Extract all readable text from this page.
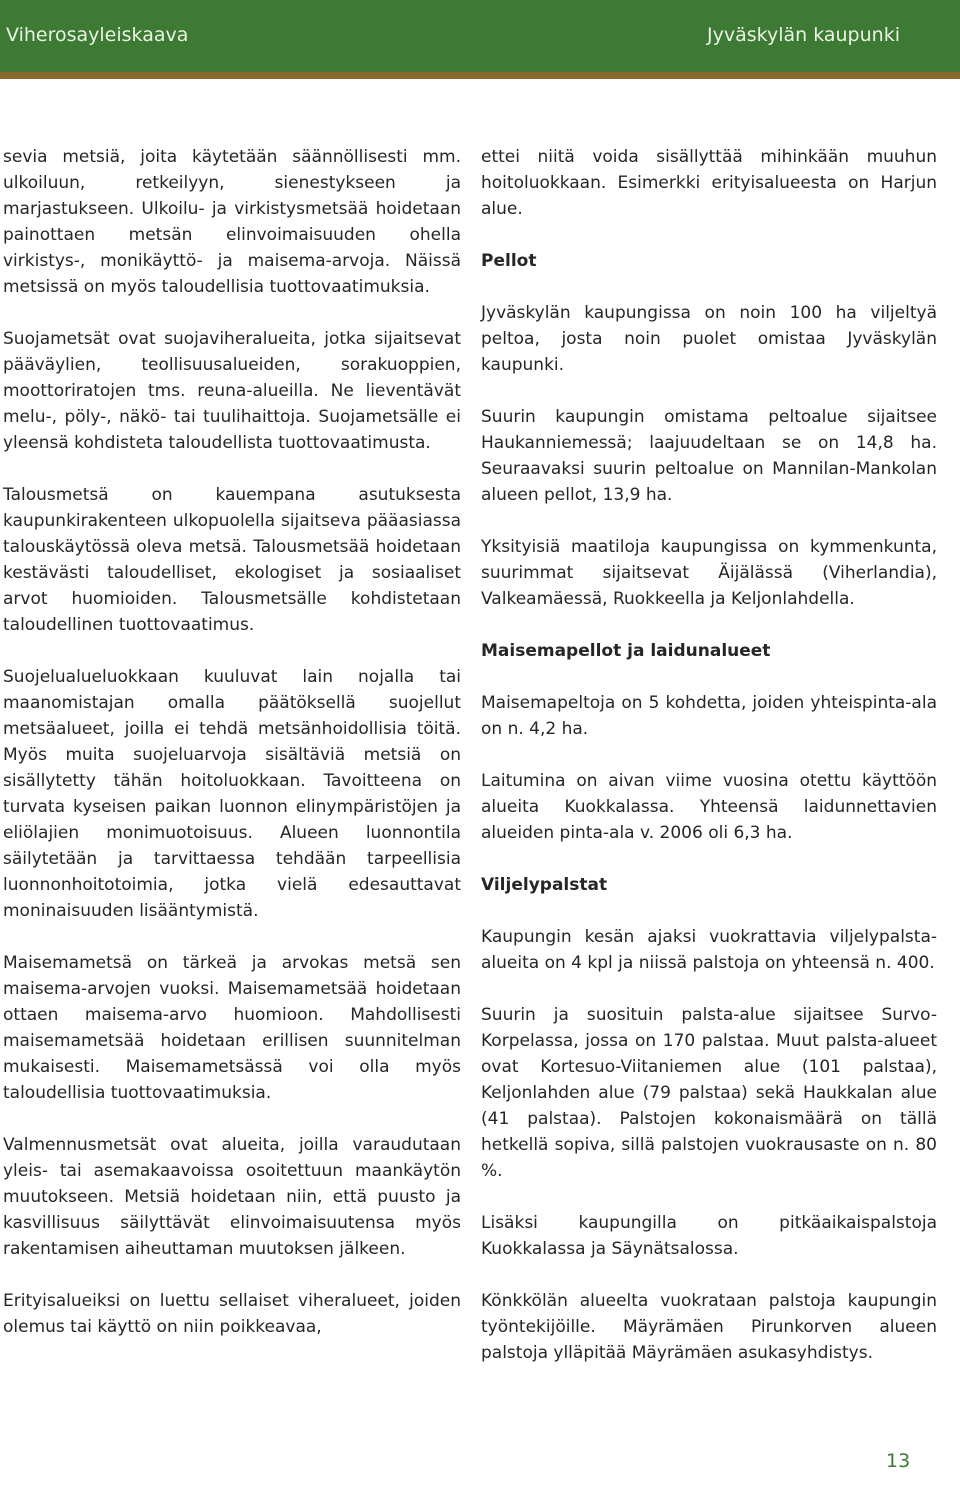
Viherosayleiskaava	Jyväskylän kaupunki

sevia metsiä, joita käytetään säännöllisesti mm. ulkoiluun, retkeilyyn, sienestykseen ja marjastukseen. Ulkoilu- ja virkistysmetsää hoidetaan painottaen metsän elinvoimaisuuden ohella virkistys-, monikäyttö- ja maisema-arvoja. Näissä metsissä on myös taloudellisia tuottovaatimuksia.

Suojametsät ovat suojaviheralueita, jotka sijaitsevat pääväylien, teollisuusalueiden, sorakuoppien, moottoriratojen tms. reuna-alueilla. Ne lieventävät melu-, pöly-, näkö- tai tuulihaittoja. Suojametsälle ei yleensä kohdisteta taloudellista tuottovaatimusta.

Talousmetsä on kauempana asutuksesta kaupunkirakenteen ulkopuolella sijaitseva pääasiassa talouskäytössä oleva metsä. Talousmetsää hoidetaan kestävästi taloudelliset, ekologiset ja sosiaaliset arvot huomioiden. Talousmetsälle kohdistetaan taloudellinen tuottovaatimus.

Suojelualueluokkaan kuuluvat lain nojalla tai maanomistajan omalla päätöksellä suojellut metsäalueet, joilla ei tehdä metsänhoidollisia töitä. Myös muita suojeluarvoja sisältäviä metsiä on sisällytetty tähän hoitoluokkaan. Tavoitteena on turvata kyseisen paikan luonnon elinympäristöjen ja eliölajien monimuotoisuus. Alueen luonnontila säilytetään ja tarvittaessa tehdään tarpeellisia luonnonhoitotoimia, jotka vielä edesauttavat moninaisuuden lisääntymistä.

Maisemametsä on tärkeä ja arvokas metsä sen maisema-arvojen vuoksi. Maisemametsää hoidetaan ottaen maisema-arvo huomioon. Mahdollisesti maisemametsää hoidetaan erillisen suunnitelman mukaisesti. Maisemametsässä voi olla myös taloudellisia tuottovaatimuksia.

Valmennusmetsät ovat alueita, joilla varaudutaan yleis- tai asemakaavoissa osoitettuun maankäytön muutokseen. Metsiä hoidetaan niin, että puusto ja kasvillisuus säilyttävät elinvoimaisuutensa myös rakentamisen aiheuttaman muutoksen jälkeen.

Erityisalueiksi on luettu sellaiset viheralueet, joiden olemus tai käyttö on niin poikkeavaa,

ettei niitä voida sisällyttää mihinkään muuhun hoitoluokkaan. Esimerkki erityisalueesta on Harjun alue.

Pellot

Jyväskylän kaupungissa on noin 100 ha viljeltyä peltoa, josta noin puolet omistaa Jyväskylän kaupunki.

Suurin kaupungin omistama peltoalue sijaitsee Haukanniemessä; laajuudeltaan se on 14,8 ha. Seuraavaksi suurin peltoalue on Mannilan-Mankolan alueen pellot, 13,9 ha.

Yksityisiä maatiloja kaupungissa on kymmenkunta, suurimmat sijaitsevat Äijälässä (Viherlandia), Valkeamäessä, Ruokkeella ja Keljonlahdella.

Maisemapellot ja laidunalueet

Maisemapeltoja on 5 kohdetta, joiden yhteispinta-ala on n. 4,2 ha.

Laitumina on aivan viime vuosina otettu käyttöön alueita Kuokkalassa. Yhteensä laidunnettavien alueiden pinta-ala v. 2006 oli 6,3 ha.

Viljelypalstat

Kaupungin kesän ajaksi vuokrattavia viljelypalsta-alueita on 4 kpl ja niissä palstoja on yhteensä n. 400.

Suurin ja suosituin palsta-alue sijaitsee Survo-Korpelassa, jossa on 170 palstaa. Muut palsta-alueet ovat Kortesuo-Viitaniemen alue (101 palstaa), Keljonlahden alue (79 palstaa) sekä Haukkalan alue (41 palstaa). Palstojen kokonaismäärä on tällä hetkellä sopiva, sillä palstojen vuokrausaste on n. 80 %.

Lisäksi kaupungilla on pitkäaikaispalstoja Kuokkalassa ja Säynätsalossa.

Könkkölän alueelta vuokrataan palstoja kaupungin työntekijöille. Mäyrämäen Pirunkorven alueen palstoja ylläpitää Mäyrämäen asukasyhdistys.

13
